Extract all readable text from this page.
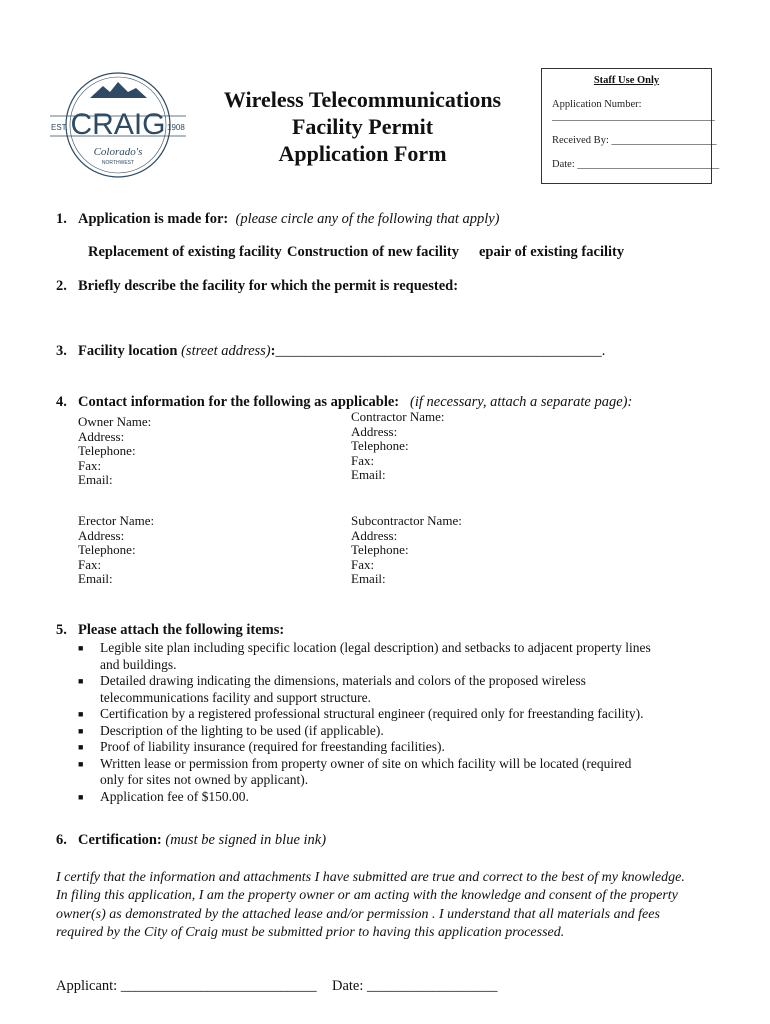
EST.	1908
CRAIG
Colorado's
NORTHWEST
Wireless Telecommunications
Facility Permit
Application Form
Staff Use Only
Application Number:
_______________________________
Received By: ____________________
Date: ___________________________
1. Application is made for: (please circle any of the following that apply)
Replacement of existing facility Construction of new facility epair of existing facility
2. Briefly describe the facility for which the permit is requested:
3. Facility location (street address):_____________________________________________.
4. Contact information for the following as applicable: (if necessary, attach a separate page):
Owner Name:
Address:
Telephone:
Fax:
Email:
Contractor Name:
Address:
Telephone:
Fax:
Email:
Erector Name:
Address:
Telephone:
Fax:
Email:
Subcontractor Name:
Address:
Telephone:
Fax:
Email:
5. Please attach the following items:
■	Legible site plan including specific location (legal description) and setbacks to adjacent property lines
and buildings.
■	Detailed drawing indicating the dimensions, materials and colors of the proposed wireless
telecommunications facility and support structure.
■	Certification by a registered professional structural engineer (required only for freestanding facility).
■	Description of the lighting to be used (if applicable).
■	Proof of liability insurance (required for freestanding facilities).
■	Written lease or permission from property owner of site on which facility will be located (required
only for sites not owned by applicant).
■	Application fee of $150.00.
6. Certification: (must be signed in blue ink)
I certify that the information and attachments I have submitted are true and correct to the best of my knowledge.
In filing this application, I am the property owner or am acting with the knowledge and consent of the property
owner(s) as demonstrated by the attached lease and/or permission . I understand that all materials and fees
required by the City of Craig must be submitted prior to having this application processed.
Applicant: ___________________________ Date: __________________
